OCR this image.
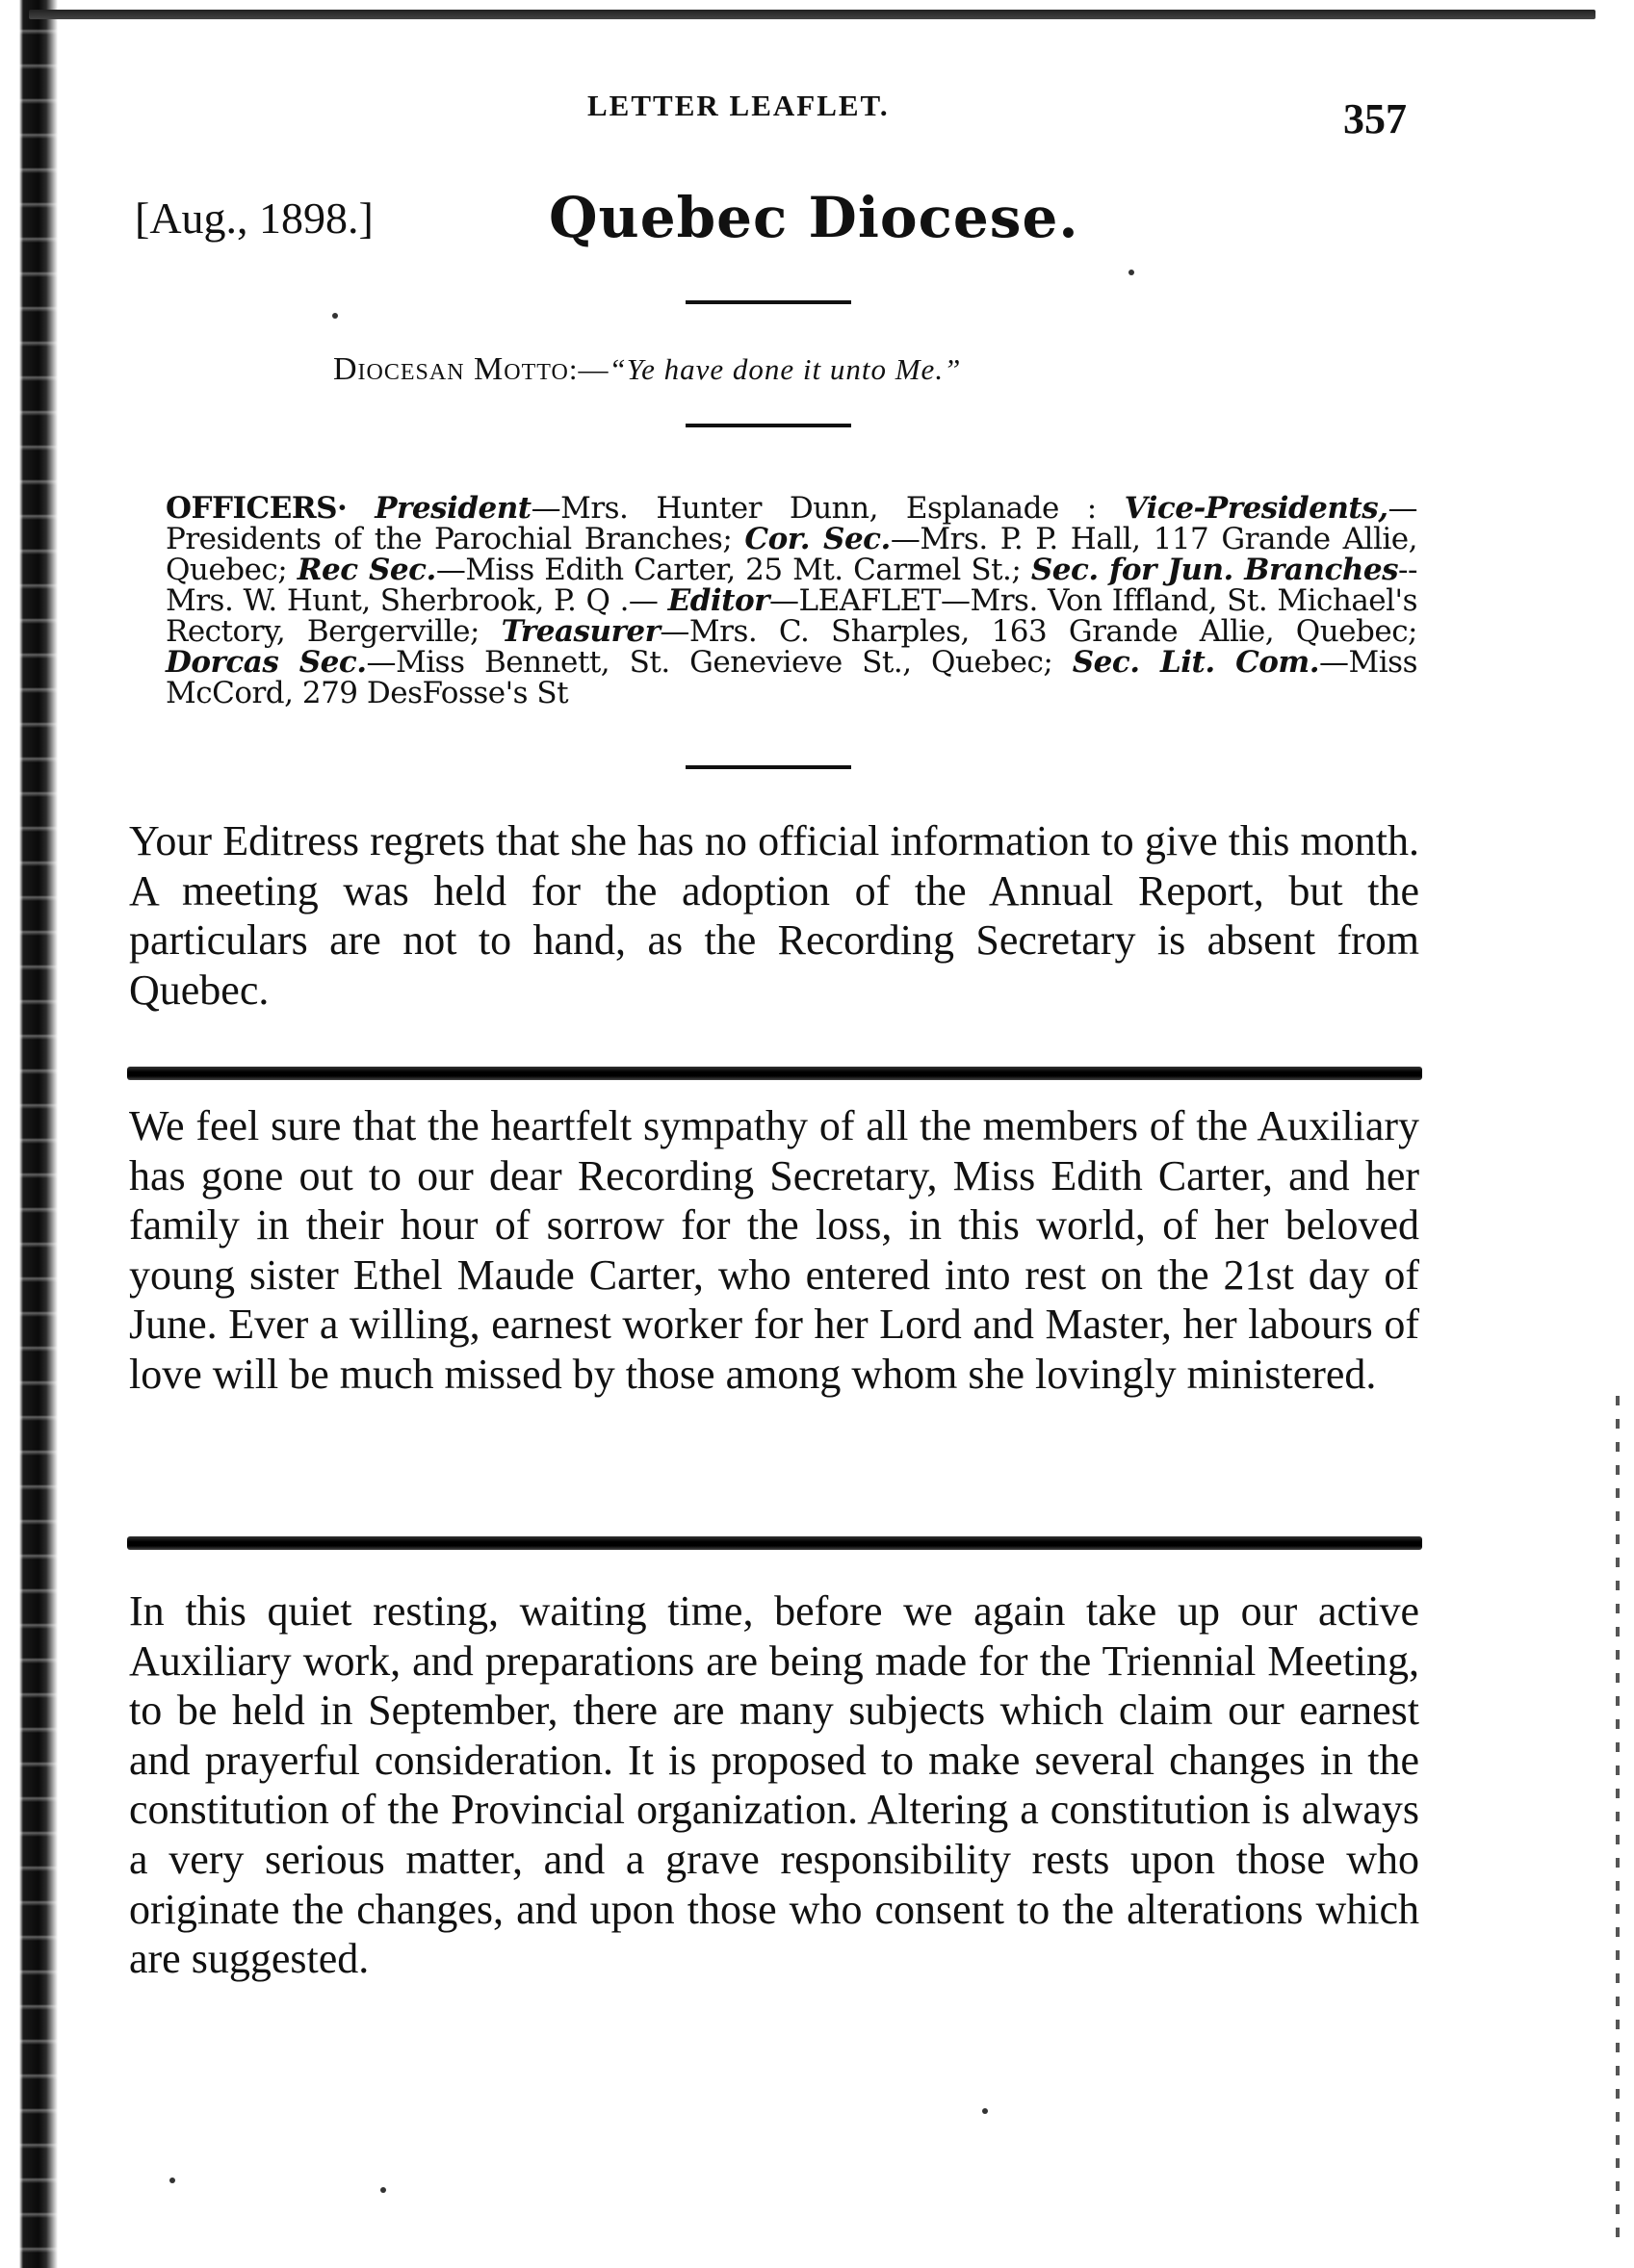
LETTER LEAFLET.	357
[Aug., 1898.]	Quebec Diocese.
Diocesan Motto:—“Ye have done it unto Me.”
OFFICERS· President—Mrs. Hunter Dunn, Esplanade : Vice-Presidents,—Presidents of the Parochial Branches; Cor. Sec.—Mrs. P. P. Hall, 117 Grande Allie, Quebec; Rec Sec.—Miss Edith Carter, 25 Mt. Carmel St.; Sec. for Jun. Branches--Mrs. W. Hunt, Sherbrook, P. Q .— Editor—LEAFLET—Mrs. Von Iffland, St. Michael's Rectory, Bergerville; Treasurer—Mrs. C. Sharples, 163 Grande Allie, Quebec; Dorcas Sec.—Miss Bennett, St. Genevieve St., Quebec; Sec. Lit. Com.—Miss McCord, 279 DesFosse's St
Your Editress regrets that she has no official information to give this month. A meeting was held for the adoption of the Annual Report, but the particulars are not to hand, as the Recording Secretary is absent from Quebec.
We feel sure that the heartfelt sympathy of all the members of the Auxiliary has gone out to our dear Recording Secretary, Miss Edith Carter, and her family in their hour of sorrow for the loss, in this world, of her beloved young sister Ethel Maude Carter, who entered into rest on the 21st day of June. Ever a willing, earnest worker for her Lord and Master, her labours of love will be much missed by those among whom she lovingly ministered.
In this quiet resting, waiting time, before we again take up our active Auxiliary work, and preparations are being made for the Triennial Meeting, to be held in September, there are many subjects which claim our earnest and prayerful consideration. It is proposed to make several changes in the constitution of the Provincial organization. Altering a constitution is always a very serious matter, and a grave responsibility rests upon those who originate the changes, and upon those who consent to the alterations which are suggested.
